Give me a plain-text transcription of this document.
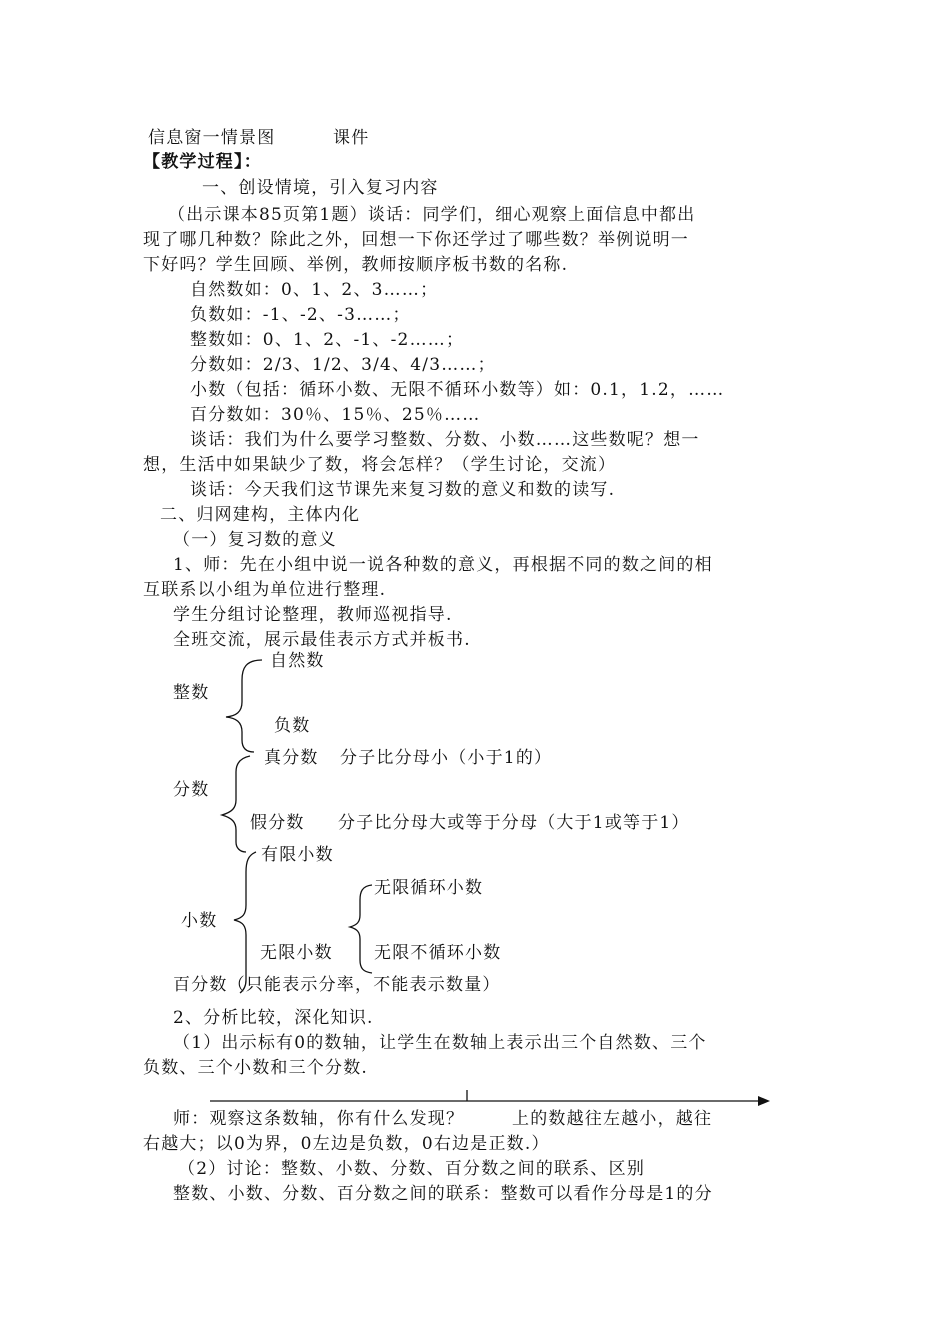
信息窗一情景图	课件
【教学过程】：
一、创设情境，引入复习内容
（出示课本85页第1题）谈话：同学们，细心观察上面信息中都出
现了哪几种数？除此之外，回想一下你还学过了哪些数？举例说明一
下好吗？学生回顾、举例，教师按顺序板书数的名称.
自然数如：0、1、2、3……；
负数如：-1、-2、-3……；
整数如：0、1、2、-1、-2……；
分数如：2/3、1/2、3/4、4/3……；
小数（包括：循环小数、无限不循环小数等）如：0.1，1.2，……
百分数如：30％、15％、25％……
谈话：我们为什么要学习整数、分数、小数……这些数呢？想一
想，生活中如果缺少了数，将会怎样？（学生讨论，交流）
谈话：今天我们这节课先来复习数的意义和数的读写.
二、归网建构，主体内化
（一）复习数的意义
1、师：先在小组中说一说各种数的意义，再根据不同的数之间的相
互联系以小组为单位进行整理.
学生分组讨论整理，教师巡视指导.
全班交流，展示最佳表示方式并板书.
整数
自然数
负数
分数
真分数 分子比分母小（小于1的）
假分数 分子比分母大或等于分母（大于1或等于1）
有限小数
小数
无限循环小数
无限小数 无限不循环小数
百分数（只能表示分率，不能表示数量）
2、分析比较，深化知识.
（1）出示标有0的数轴，让学生在数轴上表示出三个自然数、三个
负数、三个小数和三个分数.
师：观察这条数轴，你有什么发现？	上的数越往左越小，越往
右越大；以0为界，0左边是负数，0右边是正数.）
（2）讨论：整数、小数、分数、百分数之间的联系、区别
整数、小数、分数、百分数之间的联系：整数可以看作分母是1的分
